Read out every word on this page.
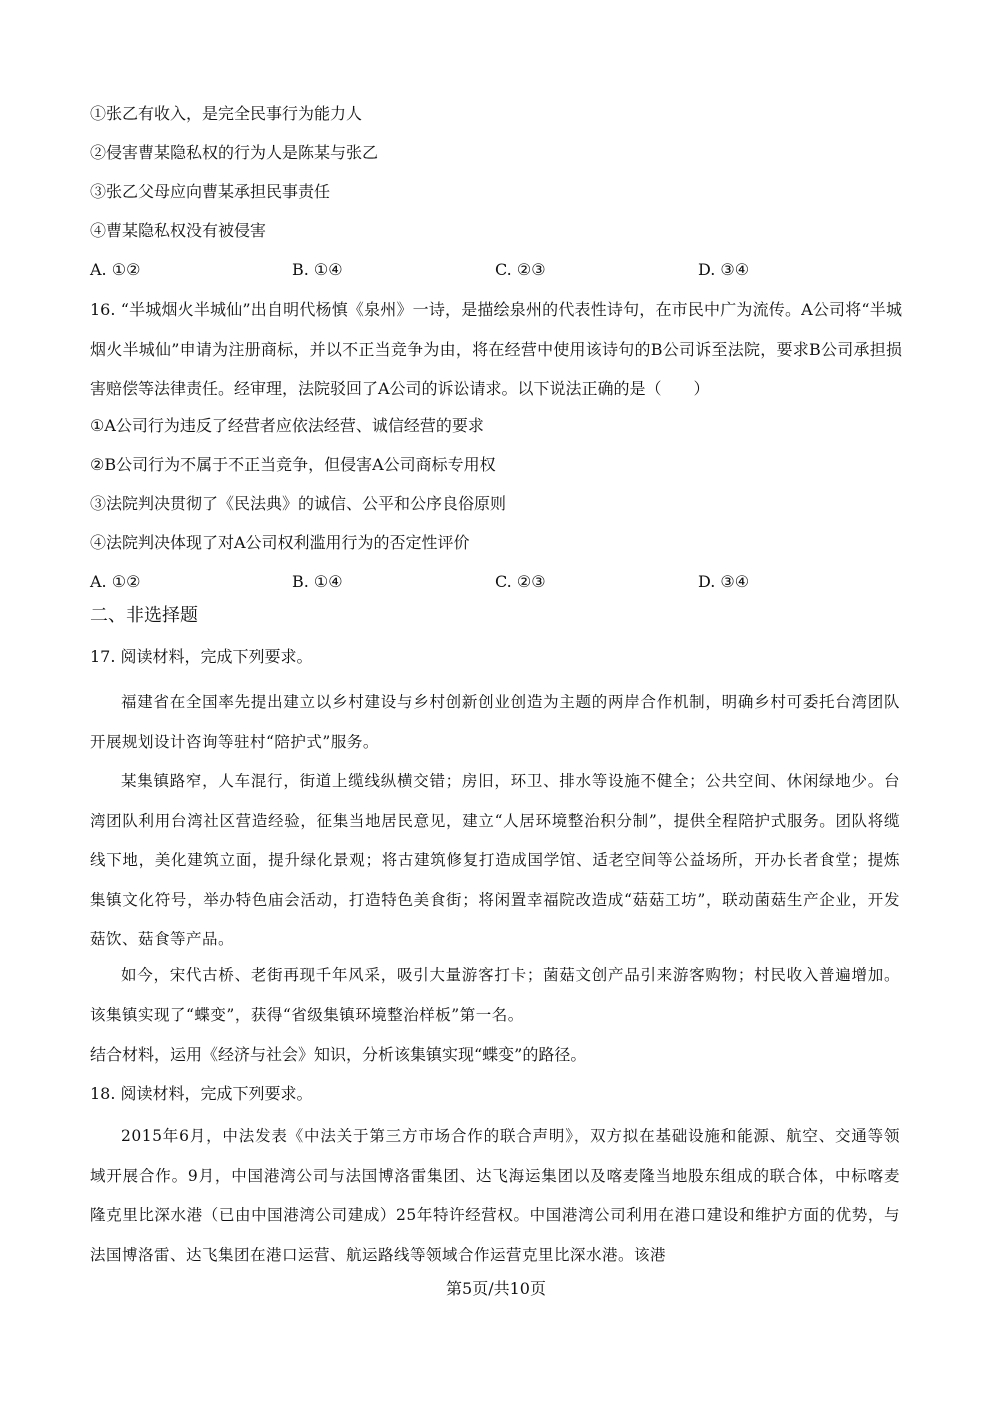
①张乙有收入，是完全民事行为能力人
②侵害曹某隐私权的行为人是陈某与张乙
③张乙父母应向曹某承担民事责任
④曹某隐私权没有被侵害
A. ①②	B. ①④	C. ②③	D. ③④
16. “半城烟火半城仙”出自明代杨慎《泉州》一诗，是描绘泉州的代表性诗句，在市民中广为流传。A公司将“半城烟火半城仙”申请为注册商标，并以不正当竞争为由，将在经营中使用该诗句的B公司诉至法院，要求B公司承担损害赔偿等法律责任。经审理，法院驳回了A公司的诉讼请求。以下说法正确的是（　　）
①A公司行为违反了经营者应依法经营、诚信经营的要求
②B公司行为不属于不正当竞争，但侵害A公司商标专用权
③法院判决贯彻了《民法典》的诚信、公平和公序良俗原则
④法院判决体现了对A公司权利滥用行为的否定性评价
A. ①②	B. ①④	C. ②③	D. ③④
二、非选择题
17. 阅读材料，完成下列要求。
福建省在全国率先提出建立以乡村建设与乡村创新创业创造为主题的两岸合作机制，明确乡村可委托台湾团队开展规划设计咨询等驻村“陪护式”服务。
某集镇路窄，人车混行，街道上缆线纵横交错；房旧，环卫、排水等设施不健全；公共空间、休闲绿地少。台湾团队利用台湾社区营造经验，征集当地居民意见，建立“人居环境整治积分制”，提供全程陪护式服务。团队将缆线下地，美化建筑立面，提升绿化景观；将古建筑修复打造成国学馆、适老空间等公益场所，开办长者食堂；提炼集镇文化符号，举办特色庙会活动，打造特色美食街；将闲置幸福院改造成“菇菇工坊”，联动菌菇生产企业，开发菇饮、菇食等产品。
如今，宋代古桥、老街再现千年风采，吸引大量游客打卡；菌菇文创产品引来游客购物；村民收入普遍增加。该集镇实现了“蝶变”，获得“省级集镇环境整治样板”第一名。
结合材料，运用《经济与社会》知识，分析该集镇实现“蝶变”的路径。
18. 阅读材料，完成下列要求。
2015年6月，中法发表《中法关于第三方市场合作的联合声明》，双方拟在基础设施和能源、航空、交通等领域开展合作。9月，中国港湾公司与法国博洛雷集团、达飞海运集团以及喀麦隆当地股东组成的联合体，中标喀麦隆克里比深水港（已由中国港湾公司建成）25年特许经营权。中国港湾公司利用在港口建设和维护方面的优势，与法国博洛雷、达飞集团在港口运营、航运路线等领域合作运营克里比深水港。该港
第5页/共10页
